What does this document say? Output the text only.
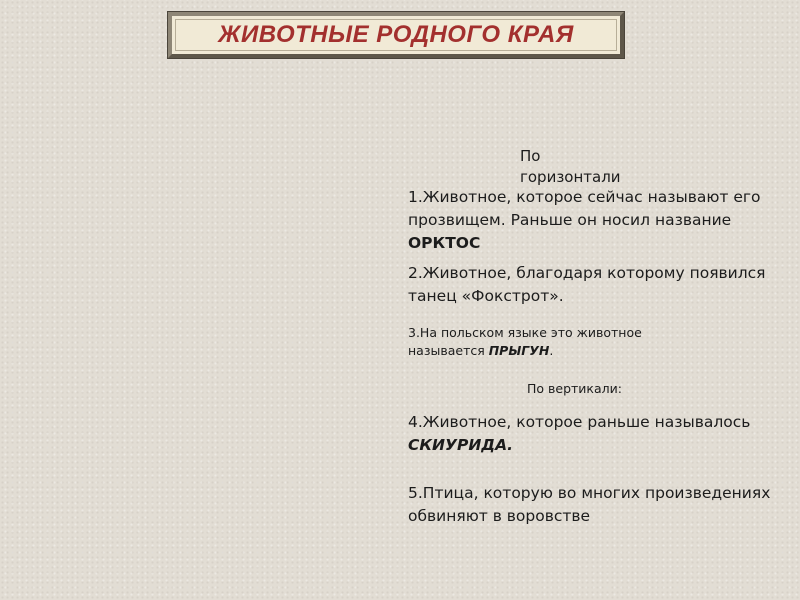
ЖИВОТНЫЕ РОДНОГО КРАЯ
По
горизонтали
1.Животное, которое сейчас называют его прозвищем. Раньше он носил название ОРКТОС
2.Животное, благодаря которому появился танец «Фокстрот».
3.На польском языке это животное называется ПРЫГУН.
По вертикали:
4.Животное, которое раньше называлось СКИУРИДА.
5.Птица, которую во многих произведениях обвиняют в воровстве
